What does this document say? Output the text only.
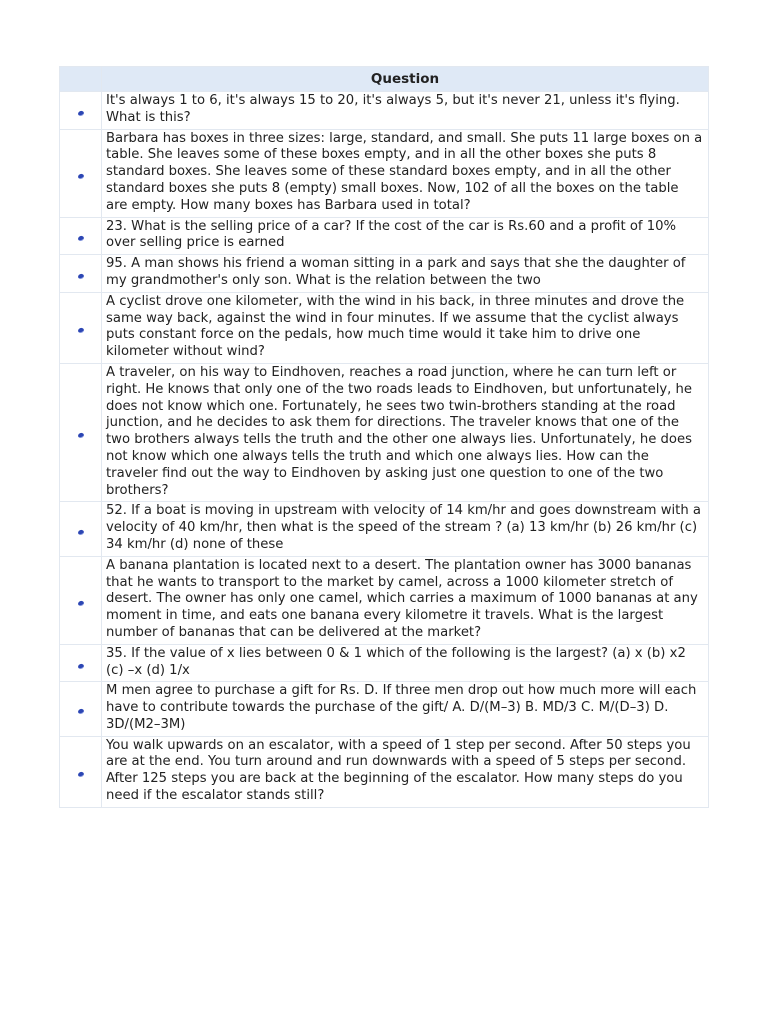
	Question
	It's always 1 to 6, it's always 15 to 20, it's always 5, but it's never 21, unless it's flying. What is this?
	Barbara has boxes in three sizes: large, standard, and small. She puts 11 large boxes on a table. She leaves some of these boxes empty, and in all the other boxes she puts 8 standard boxes. She leaves some of these standard boxes empty, and in all the other standard boxes she puts 8 (empty) small boxes. Now, 102 of all the boxes on the table are empty. How many boxes has Barbara used in total?
	23. What is the selling price of a car? If the cost of the car is Rs.60 and a profit of 10% over selling price is earned
	95. A man shows his friend a woman sitting in a park and says that she the daughter of my grandmother's only son. What is the relation between the two
	A cyclist drove one kilometer, with the wind in his back, in three minutes and drove the same way back, against the wind in four minutes. If we assume that the cyclist always puts constant force on the pedals, how much time would it take him to drive one kilometer without wind?
	A traveler, on his way to Eindhoven, reaches a road junction, where he can turn left or right. He knows that only one of the two roads leads to Eindhoven, but unfortunately, he does not know which one. Fortunately, he sees two twin-brothers standing at the road junction, and he decides to ask them for directions. The traveler knows that one of the two brothers always tells the truth and the other one always lies. Unfortunately, he does not know which one always tells the truth and which one always lies. How can the traveler find out the way to Eindhoven by asking just one question to one of the two brothers?
	52. If a boat is moving in upstream with velocity of 14 km/hr and goes downstream with a velocity of 40 km/hr, then what is the speed of the stream ? (a) 13 km/hr (b) 26 km/hr (c) 34 km/hr (d) none of these
	A banana plantation is located next to a desert. The plantation owner has 3000 bananas that he wants to transport to the market by camel, across a 1000 kilometer stretch of desert. The owner has only one camel, which carries a maximum of 1000 bananas at any moment in time, and eats one banana every kilometre it travels. What is the largest number of bananas that can be delivered at the market?
	35. If the value of x lies between 0 & 1 which of the following is the largest? (a) x (b) x2 (c) –x (d) 1/x
	M men agree to purchase a gift for Rs. D. If three men drop out how much more will each have to contribute towards the purchase of the gift/ A. D/(M–3) B. MD/3 C. M/(D–3) D. 3D/(M2–3M)
	You walk upwards on an escalator, with a speed of 1 step per second. After 50 steps you are at the end. You turn around and run downwards with a speed of 5 steps per second. After 125 steps you are back at the beginning of the escalator. How many steps do you need if the escalator stands still?
